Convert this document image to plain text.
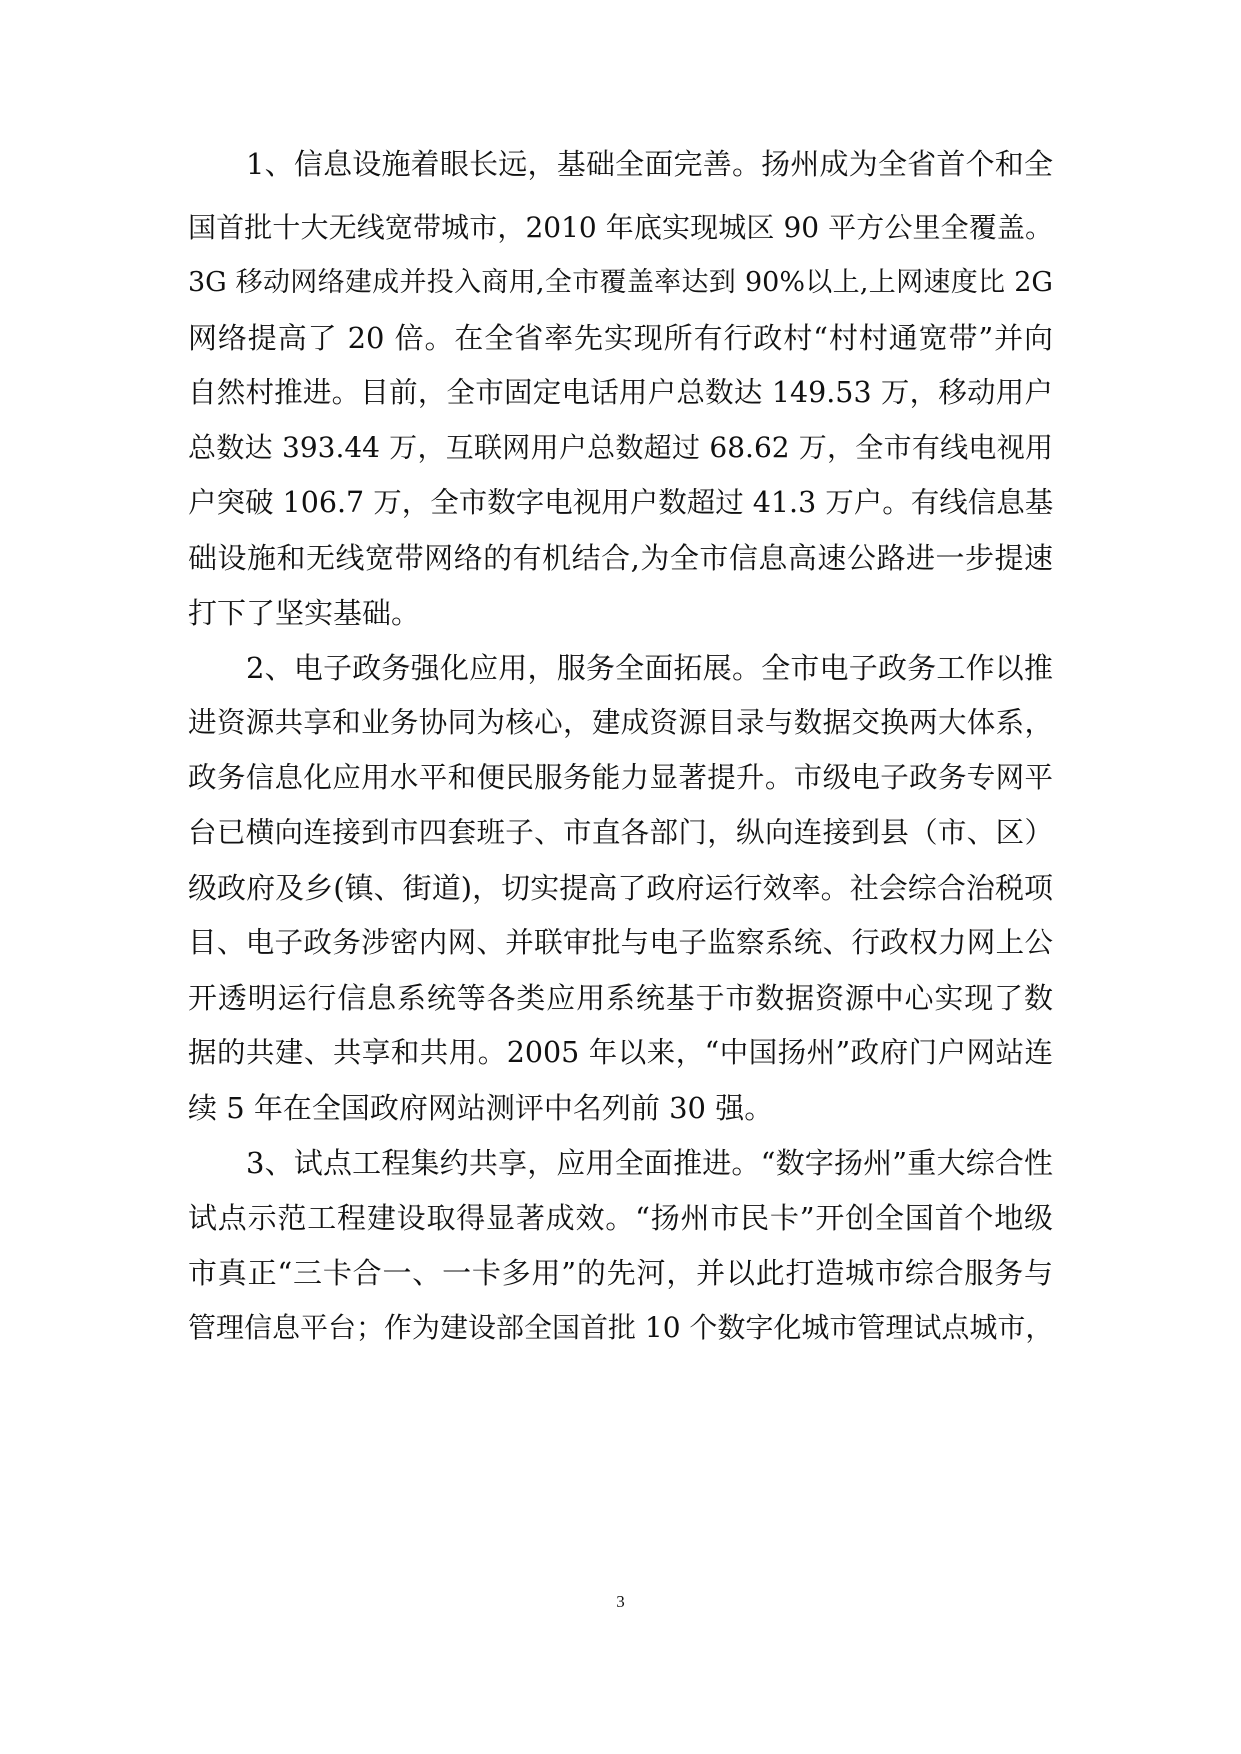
1、信息设施着眼长远，基础全面完善。扬州成为全省首个和全
国首批十大无线宽带城市，2010 年底实现城区 90 平方公里全覆盖。
3G 移动网络建成并投入商用,全市覆盖率达到 90%以上,上网速度比 2G
网络提高了 20 倍。在全省率先实现所有行政村“村村通宽带”并向
自然村推进。目前，全市固定电话用户总数达 149.53 万，移动用户
总数达 393.44 万，互联网用户总数超过 68.62 万，全市有线电视用
户突破 106.7 万，全市数字电视用户数超过 41.3 万户。有线信息基
础设施和无线宽带网络的有机结合,为全市信息高速公路进一步提速
打下了坚实基础。
2、电子政务强化应用，服务全面拓展。全市电子政务工作以推
进资源共享和业务协同为核心，建成资源目录与数据交换两大体系，
政务信息化应用水平和便民服务能力显著提升。市级电子政务专网平
台已横向连接到市四套班子、市直各部门，纵向连接到县（市、区）
级政府及乡(镇、街道)，切实提高了政府运行效率。社会综合治税项
目、电子政务涉密内网、并联审批与电子监察系统、行政权力网上公
开透明运行信息系统等各类应用系统基于市数据资源中心实现了数
据的共建、共享和共用。2005 年以来，“中国扬州”政府门户网站连
续 5 年在全国政府网站测评中名列前 30 强。
3、试点工程集约共享，应用全面推进。“数字扬州”重大综合性
试点示范工程建设取得显著成效。“扬州市民卡”开创全国首个地级
市真正“三卡合一、一卡多用”的先河，并以此打造城市综合服务与
管理信息平台；作为建设部全国首批 10 个数字化城市管理试点城市，
3
